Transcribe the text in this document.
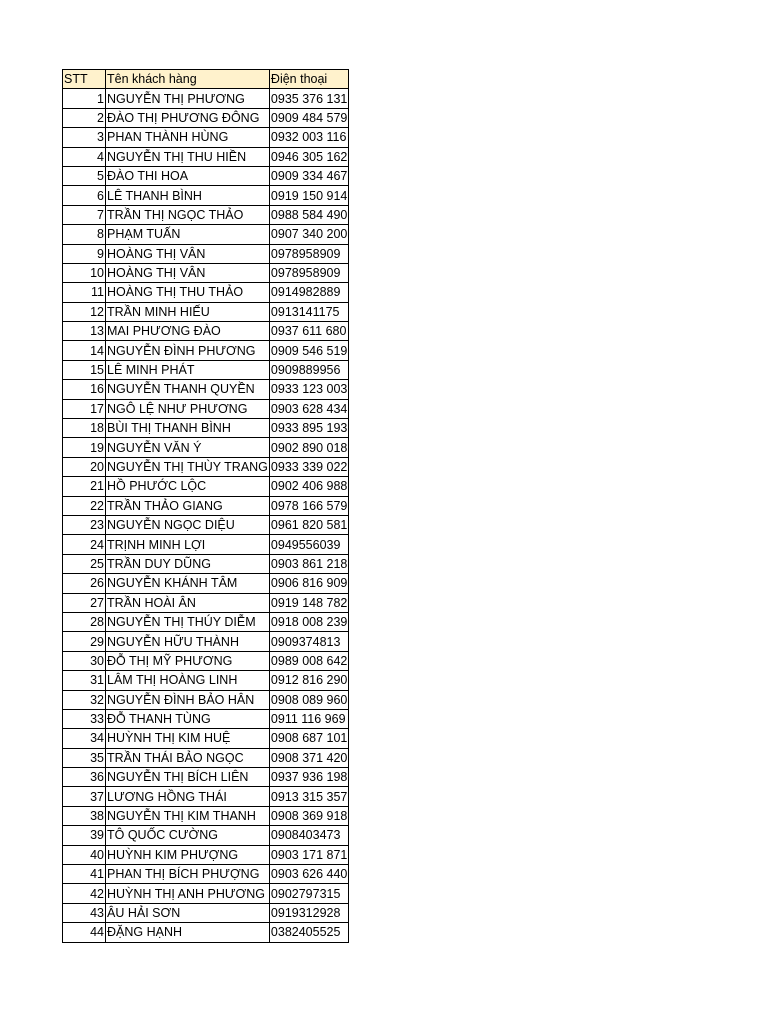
STT	Tên khách hàng	Điện thoại
1	NGUYỄN THỊ PHƯƠNG	0935 376 131
2	ĐÀO THỊ PHƯƠNG ĐÔNG	0909 484 579
3	PHAN THÀNH HÙNG	0932 003 116
4	NGUYỄN THỊ THU HIỀN	0946 305 162
5	ĐÀO THI HOA	0909 334 467
6	LÊ THANH BÌNH	0919 150 914
7	TRẦN THỊ NGỌC THẢO	0988 584 490
8	PHẠM TUẤN	0907 340 200
9	HOÀNG THỊ VÂN	0978958909
10	HOÀNG THỊ VÂN	0978958909
11	HOÀNG THỊ THU THẢO	0914982889
12	TRẦN MINH HIẾU	0913141175
13	MAI PHƯƠNG ĐÀO	0937 611 680
14	NGUYỄN ĐÌNH PHƯƠNG	0909 546 519
15	LÊ MINH PHÁT	0909889956
16	NGUYỄN THANH QUYỀN	0933 123 003
17	NGÔ LỆ NHƯ PHƯƠNG	0903 628 434
18	BÙI THỊ THANH BÌNH	0933 895 193
19	NGUYỄN VĂN Ý	0902 890 018
20	NGUYỄN THỊ THÙY TRANG	0933 339 022
21	HỒ PHƯỚC LỘC	0902 406 988
22	TRẦN THẢO GIANG	0978 166 579
23	NGUYỄN NGỌC DIỆU	0961 820 581
24	TRỊNH MINH LỢI	0949556039
25	TRẦN DUY DŨNG	0903 861 218
26	NGUYỄN KHÁNH TÂM	0906 816 909
27	TRẦN HOÀI ÂN	0919 148 782
28	NGUYỄN THỊ THÚY DIỄM	0918 008 239
29	NGUYỄN HỮU THÀNH	0909374813
30	ĐỖ THỊ MỸ PHƯƠNG	0989 008 642
31	LÂM THỊ HOÀNG LINH	0912 816 290
32	NGUYỄN ĐÌNH BẢO HÂN	0908 089 960
33	ĐỖ THANH TÙNG	0911 116 969
34	HUỲNH THỊ KIM HUỆ	0908 687 101
35	TRẦN THÁI BẢO NGỌC	0908 371 420
36	NGUYỄN THỊ BÍCH LIÊN	0937 936 198
37	LƯƠNG HỒNG THÁI	0913 315 357
38	NGUYỄN THỊ KIM THANH	0908 369 918
39	TÔ QUỐC CƯỜNG	0908403473
40	HUỲNH KIM PHƯỢNG	0903 171 871
41	PHAN THỊ BÍCH PHƯỢNG	0903 626 440
42	HUỲNH THỊ ANH PHƯƠNG	0902797315
43	ÂU HẢI SƠN	0919312928
44	ĐẶNG HẠNH	0382405525
